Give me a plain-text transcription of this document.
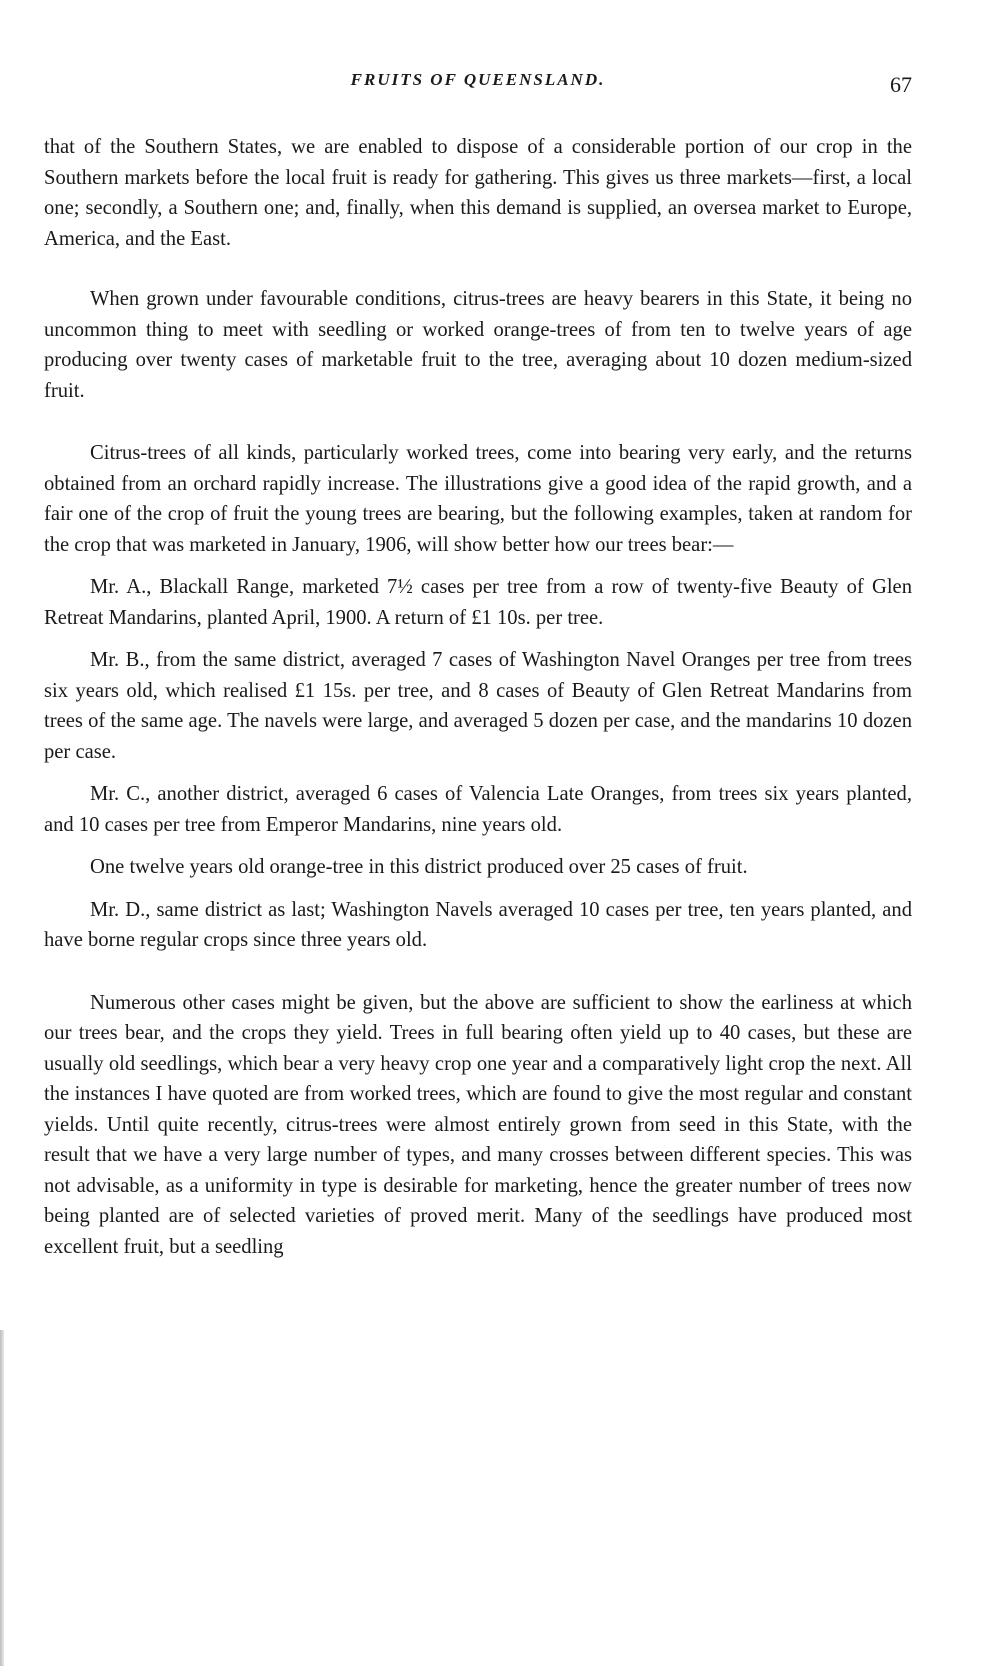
FRUITS OF QUEENSLAND.	67

that of the Southern States, we are enabled to dispose of a considerable portion of our crop in the Southern markets before the local fruit is ready for gathering. This gives us three markets—first, a local one; secondly, a Southern one; and, finally, when this demand is supplied, an oversea market to Europe, America, and the East.

When grown under favourable conditions, citrus-trees are heavy bearers in this State, it being no uncommon thing to meet with seedling or worked orange-trees of from ten to twelve years of age producing over twenty cases of marketable fruit to the tree, averaging about 10 dozen medium-sized fruit.

Citrus-trees of all kinds, particularly worked trees, come into bearing very early, and the returns obtained from an orchard rapidly increase. The illustrations give a good idea of the rapid growth, and a fair one of the crop of fruit the young trees are bearing, but the following examples, taken at random for the crop that was marketed in January, 1906, will show better how our trees bear:—

Mr. A., Blackall Range, marketed 7½ cases per tree from a row of twenty-five Beauty of Glen Retreat Mandarins, planted April, 1900. A return of £1 10s. per tree.

Mr. B., from the same district, averaged 7 cases of Washington Navel Oranges per tree from trees six years old, which realised £1 15s. per tree, and 8 cases of Beauty of Glen Retreat Mandarins from trees of the same age. The navels were large, and averaged 5 dozen per case, and the mandarins 10 dozen per case.

Mr. C., another district, averaged 6 cases of Valencia Late Oranges, from trees six years planted, and 10 cases per tree from Emperor Mandarins, nine years old.

One twelve years old orange-tree in this district produced over 25 cases of fruit.

Mr. D., same district as last; Washington Navels averaged 10 cases per tree, ten years planted, and have borne regular crops since three years old.

Numerous other cases might be given, but the above are sufficient to show the earliness at which our trees bear, and the crops they yield. Trees in full bearing often yield up to 40 cases, but these are usually old seedlings, which bear a very heavy crop one year and a comparatively light crop the next. All the instances I have quoted are from worked trees, which are found to give the most regular and constant yields. Until quite recently, citrus-trees were almost entirely grown from seed in this State, with the result that we have a very large number of types, and many crosses between different species. This was not advisable, as a uniformity in type is desirable for marketing, hence the greater number of trees now being planted are of selected varieties of proved merit. Many of the seedlings have produced most excellent fruit, but a seedling
